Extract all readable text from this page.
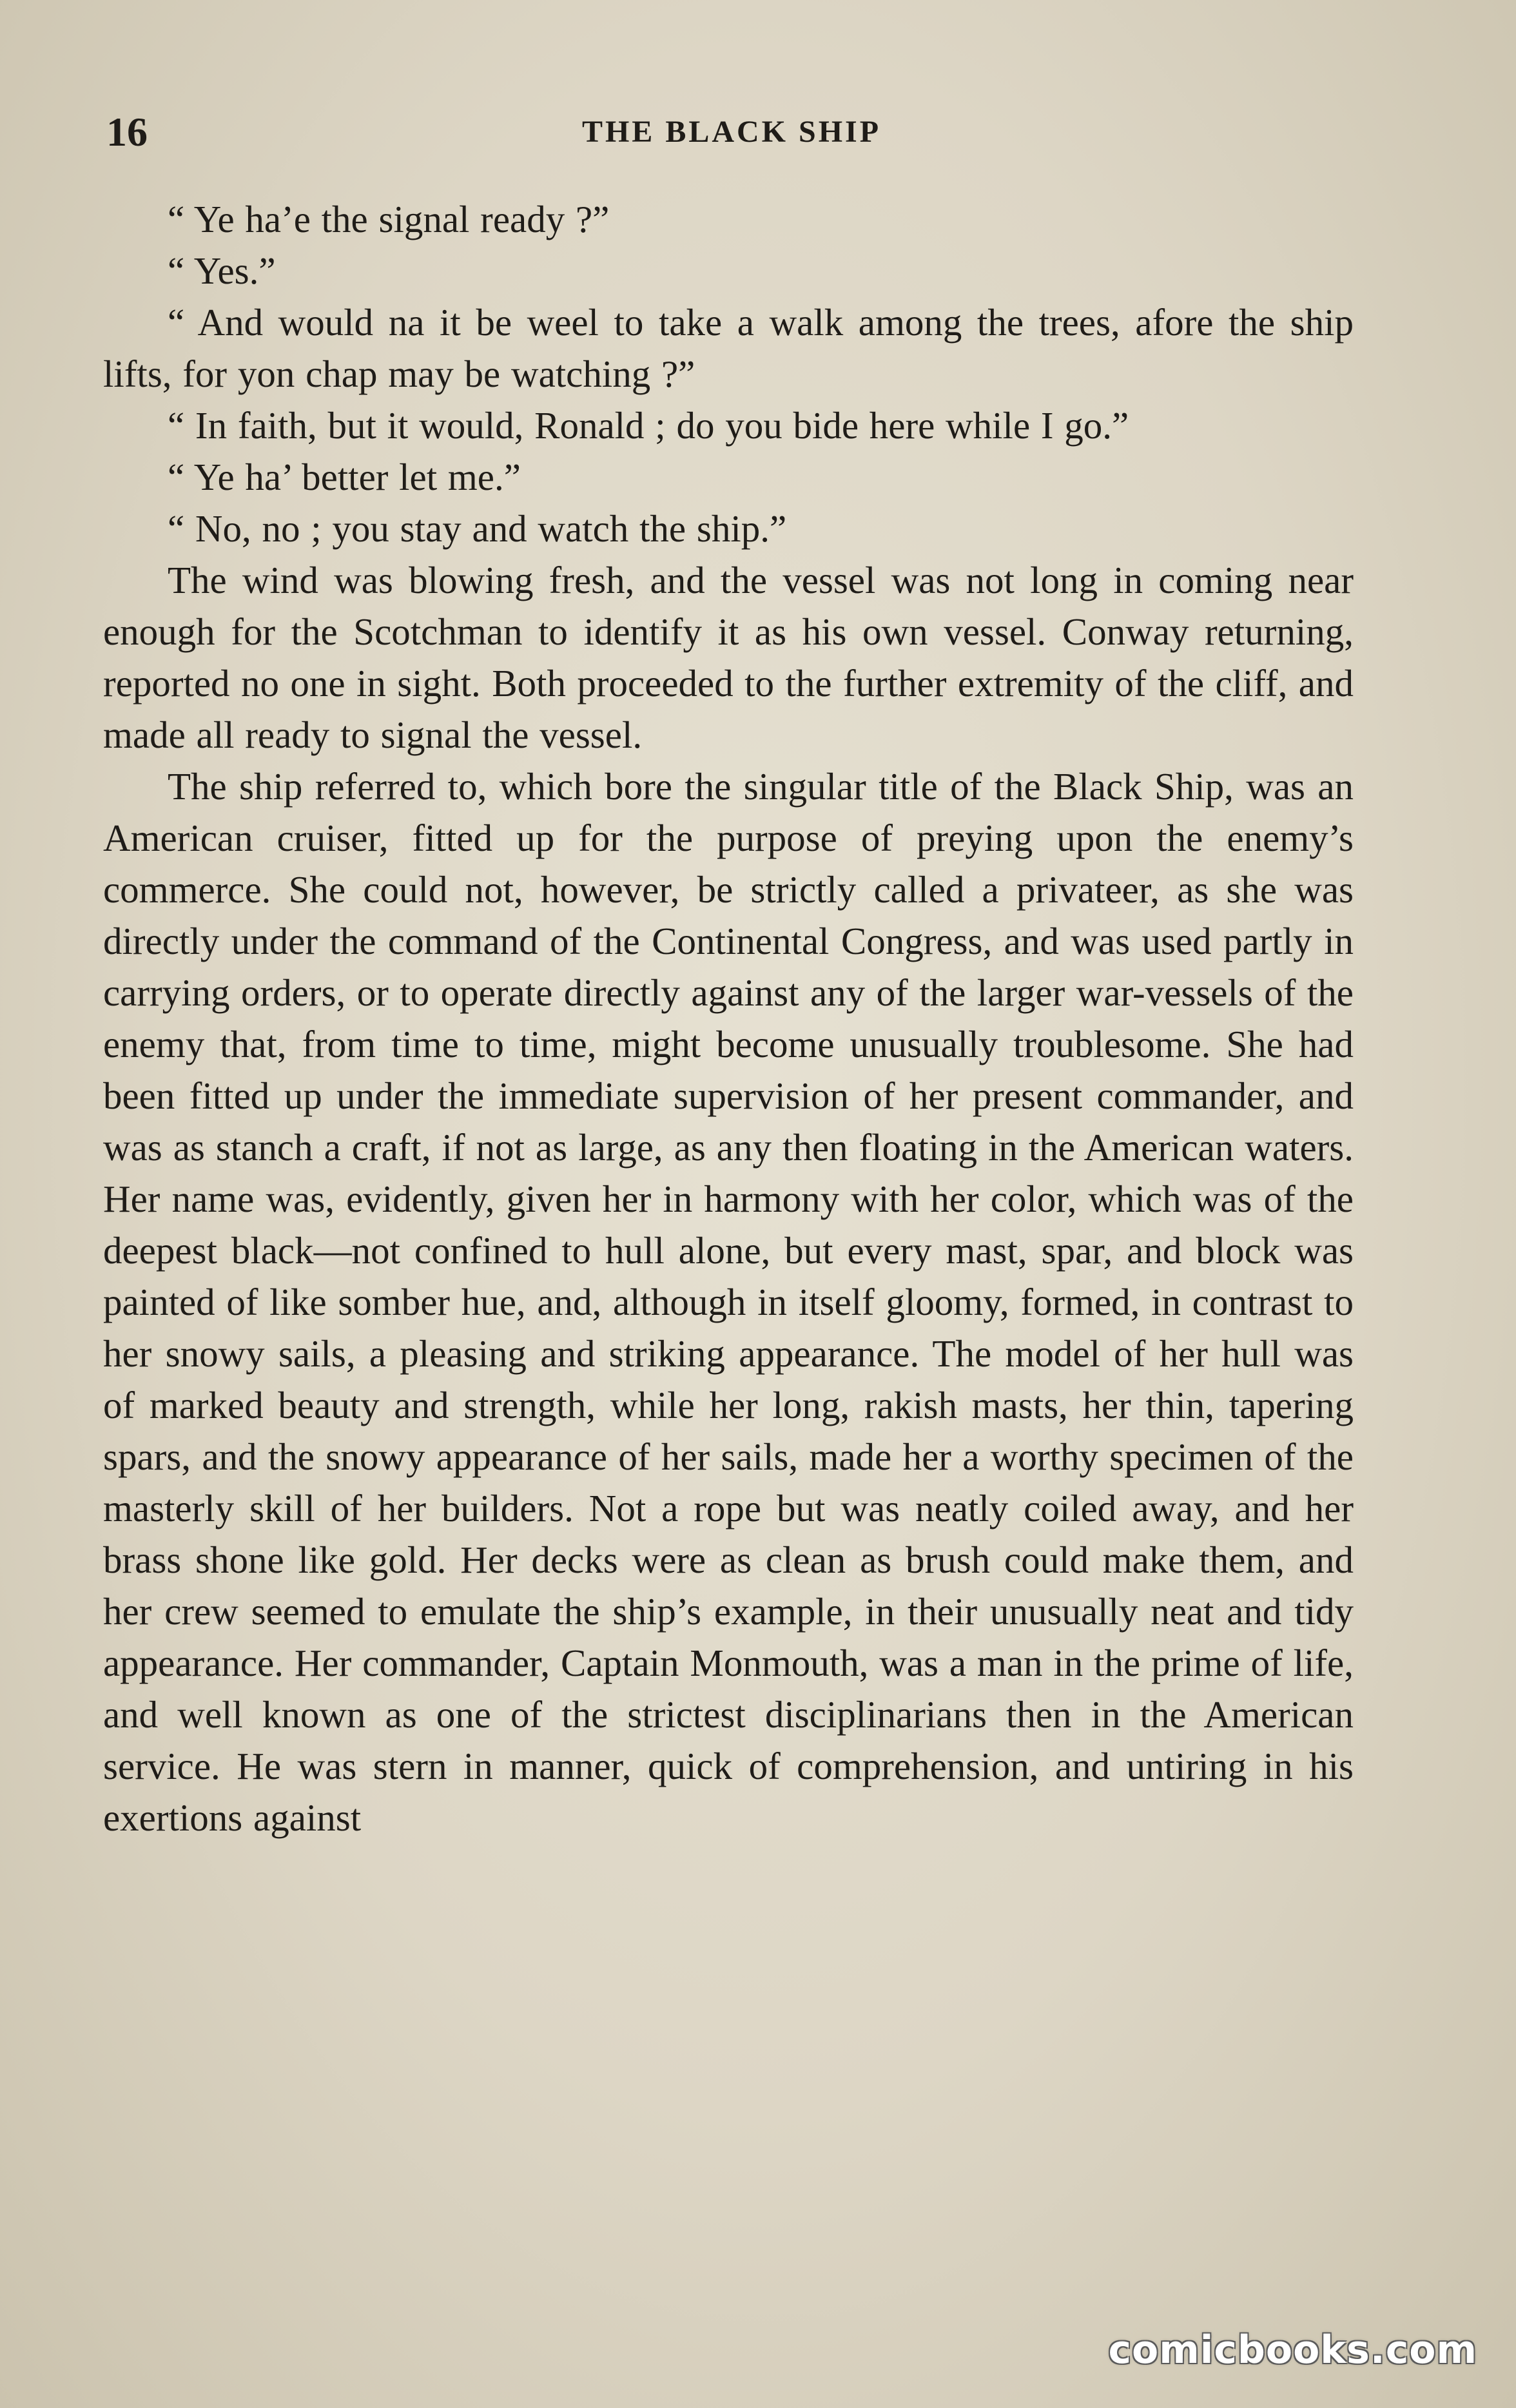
16	THE BLACK SHIP

“ Ye ha’e the signal ready ?”

“ Yes.”

“ And would na it be weel to take a walk among the trees, afore the ship lifts, for yon chap may be watching ?”

“ In faith, but it would, Ronald ; do you bide here while I go.”

“ Ye ha’ better let me.”

“ No, no ; you stay and watch the ship.”

The wind was blowing fresh, and the vessel was not long in coming near enough for the Scotchman to identify it as his own vessel. Conway returning, reported no one in sight. Both proceeded to the further extremity of the cliff, and made all ready to signal the vessel.

The ship referred to, which bore the singular title of the Black Ship, was an American cruiser, fitted up for the purpose of preying upon the enemy’s commerce. She could not, however, be strictly called a privateer, as she was directly under the command of the Continental Congress, and was used partly in carrying orders, or to operate directly against any of the larger war-vessels of the enemy that, from time to time, might become unusually troublesome. She had been fitted up under the immediate supervision of her present commander, and was as stanch a craft, if not as large, as any then floating in the American waters. Her name was, evidently, given her in harmony with her color, which was of the deepest black—not confined to hull alone, but every mast, spar, and block was painted of like somber hue, and, although in itself gloomy, formed, in contrast to her snowy sails, a pleasing and striking appearance. The model of her hull was of marked beauty and strength, while her long, rakish masts, her thin, tapering spars, and the snowy appearance of her sails, made her a worthy specimen of the masterly skill of her builders. Not a rope but was neatly coiled away, and her brass shone like gold. Her decks were as clean as brush could make them, and her crew seemed to emulate the ship’s example, in their unusually neat and tidy appearance. Her commander, Captain Monmouth, was a man in the prime of life, and well known as one of the strictest disciplinarians then in the American service. He was stern in manner, quick of comprehension, and untiring in his exertions against

comicbooks.com
